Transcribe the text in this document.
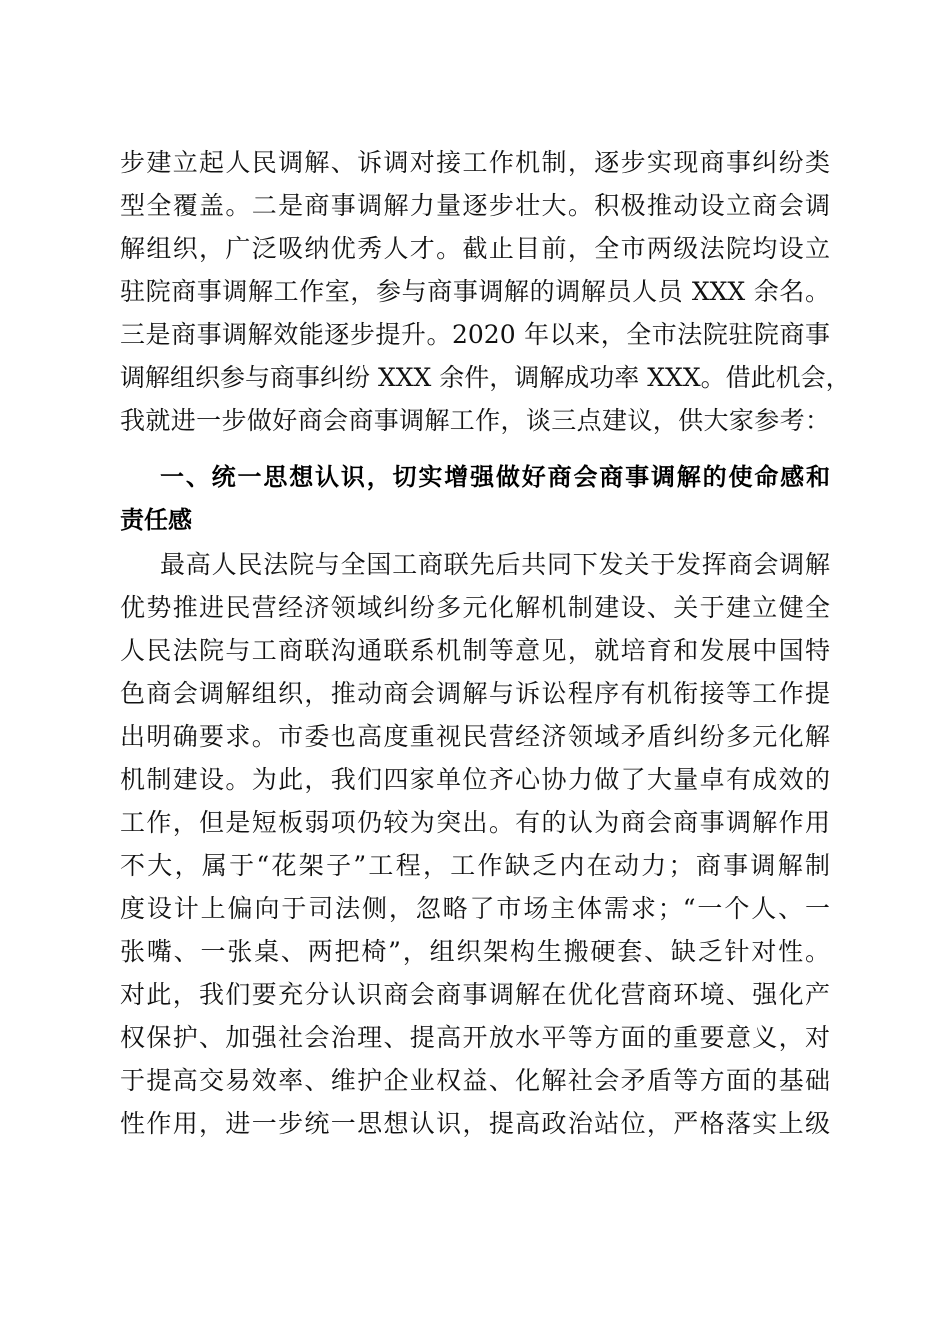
步建立起人民调解、诉调对接工作机制，逐步实现商事纠纷类
型全覆盖。二是商事调解力量逐步壮大。积极推动设立商会调
解组织，广泛吸纳优秀人才。截止目前，全市两级法院均设立
驻院商事调解工作室，参与商事调解的调解员人员 XXX 余名。
三是商事调解效能逐步提升。2020 年以来，全市法院驻院商事
调解组织参与商事纠纷 XXX 余件，调解成功率 XXX。借此机会，
我就进一步做好商会商事调解工作，谈三点建议，供大家参考：
一、统一思想认识，切实增强做好商会商事调解的使命感和
责任感
最高人民法院与全国工商联先后共同下发关于发挥商会调解
优势推进民营经济领域纠纷多元化解机制建设、关于建立健全
人民法院与工商联沟通联系机制等意见，就培育和发展中国特
色商会调解组织，推动商会调解与诉讼程序有机衔接等工作提
出明确要求。市委也高度重视民营经济领域矛盾纠纷多元化解
机制建设。为此，我们四家单位齐心协力做了大量卓有成效的
工作，但是短板弱项仍较为突出。有的认为商会商事调解作用
不大，属于“花架子”工程，工作缺乏内在动力；商事调解制
度设计上偏向于司法侧，忽略了市场主体需求；“一个人、一
张嘴、一张桌、两把椅”，组织架构生搬硬套、缺乏针对性。
对此，我们要充分认识商会商事调解在优化营商环境、强化产
权保护、加强社会治理、提高开放水平等方面的重要意义，对
于提高交易效率、维护企业权益、化解社会矛盾等方面的基础
性作用，进一步统一思想认识，提高政治站位，严格落实上级
